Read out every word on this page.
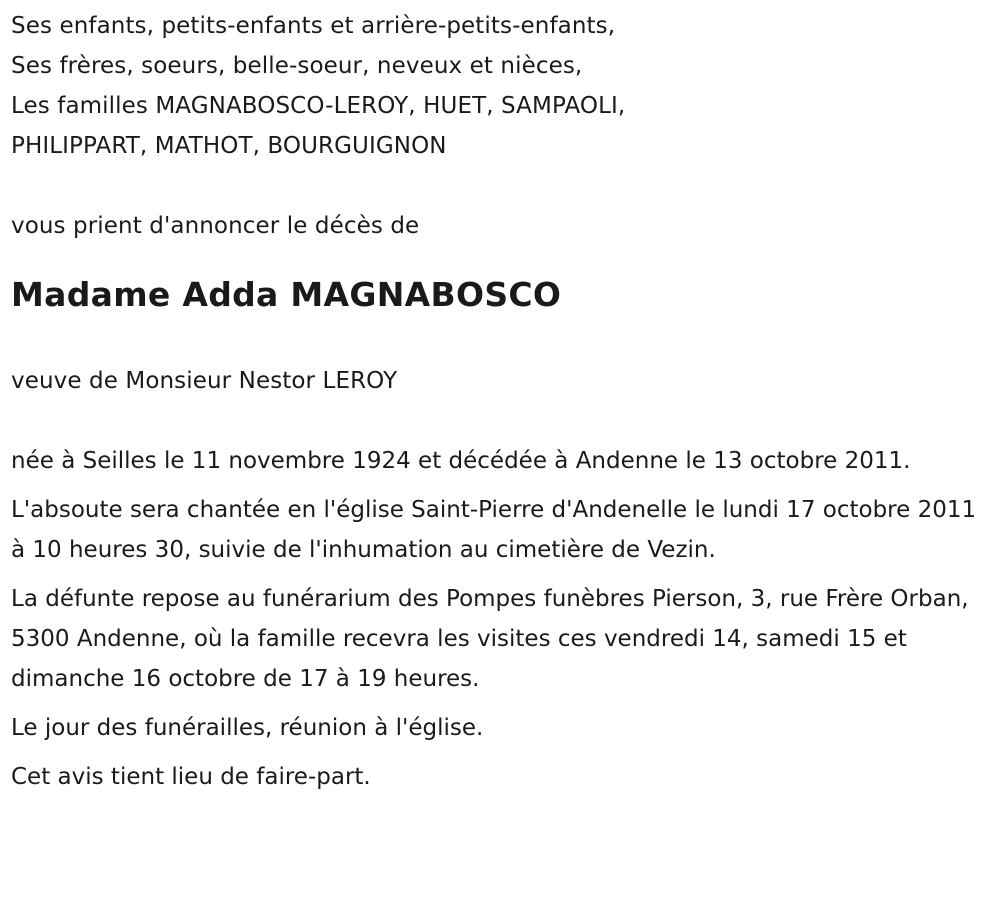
Ses enfants, petits-enfants et arrière-petits-enfants,
Ses frères, soeurs, belle-soeur, neveux et nièces,
Les familles MAGNABOSCO-LEROY, HUET, SAMPAOLI,
PHILIPPART, MATHOT, BOURGUIGNON
vous prient d'annoncer le décès de
Madame Adda MAGNABOSCO
veuve de Monsieur Nestor LEROY
née à Seilles le 11 novembre 1924 et décédée à Andenne le 13 octobre 2011.
L'absoute sera chantée en l'église Saint-Pierre d'Andenelle le lundi 17 octobre 2011 à 10 heures 30, suivie de l'inhumation au cimetière de Vezin.
La défunte repose au funérarium des Pompes funèbres Pierson, 3, rue Frère Orban, 5300 Andenne, où la famille recevra les visites ces vendredi 14, samedi 15 et dimanche 16 octobre de 17 à 19 heures.
Le jour des funérailles, réunion à l'église.
Cet avis tient lieu de faire-part.
